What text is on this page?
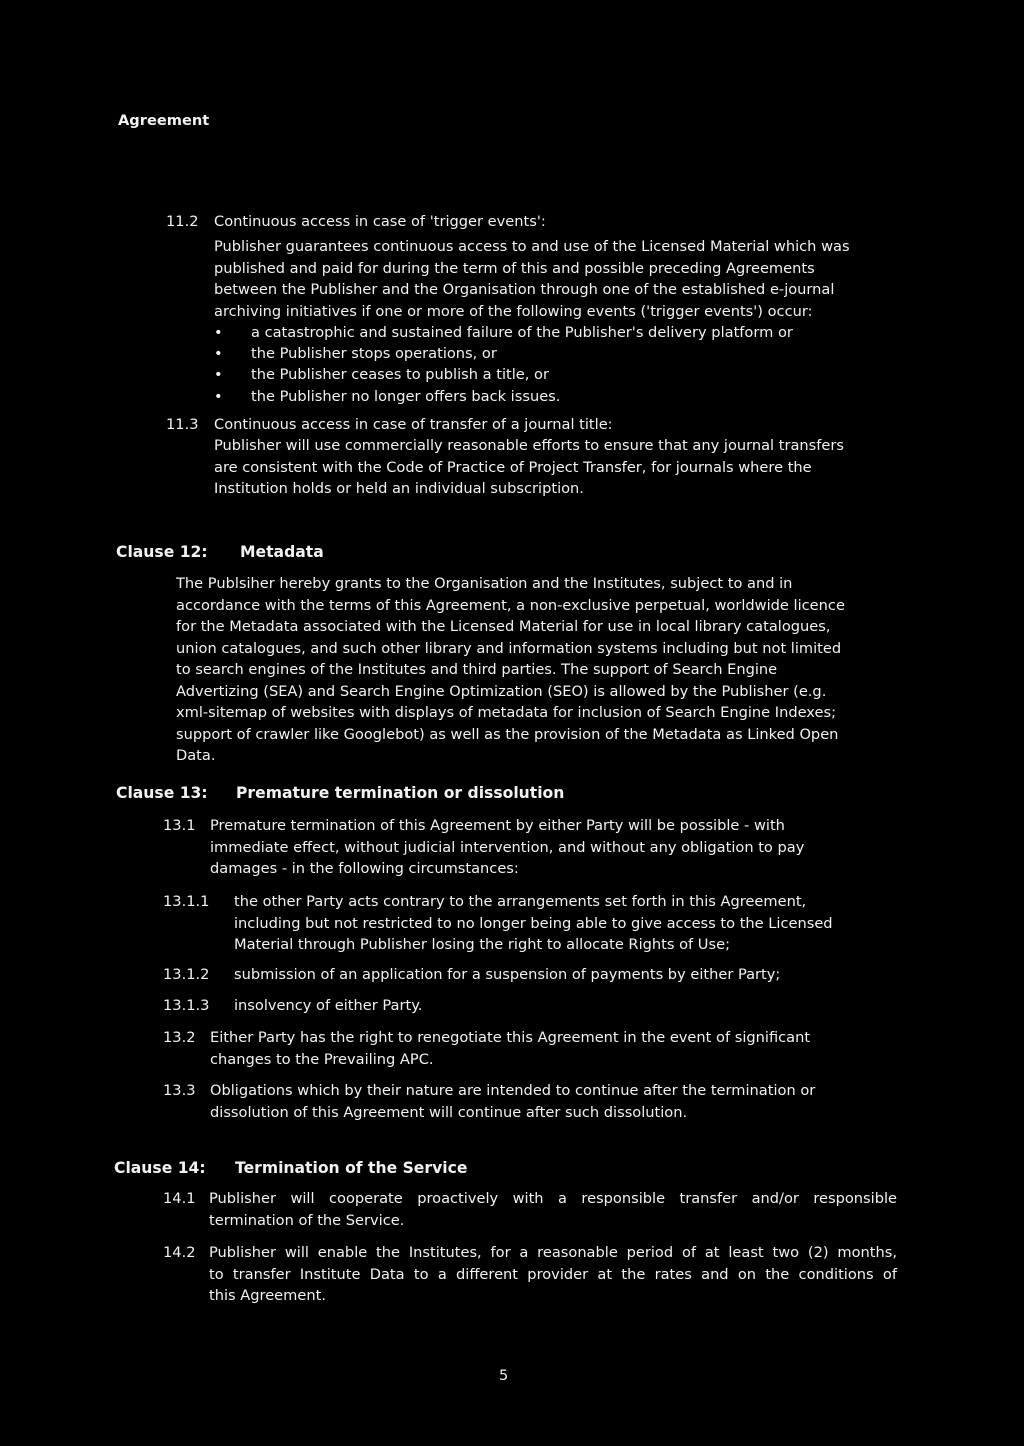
Agreement
11.2 Continuous access in case of 'trigger events':
Publisher guarantees continuous access to and use of the Licensed Material which was
published and paid for during the term of this and possible preceding Agreements
between the Publisher and the Organisation through one of the established e-journal
archiving initiatives if one or more of the following events ('trigger events') occur:
• a catastrophic and sustained failure of the Publisher's delivery platform or
• the Publisher stops operations, or
• the Publisher ceases to publish a title, or
• the Publisher no longer offers back issues.
11.3 Continuous access in case of transfer of a journal title:
Publisher will use commercially reasonable efforts to ensure that any journal transfers
are consistent with the Code of Practice of Project Transfer, for journals where the
Institution holds or held an individual subscription.
Clause 12: Metadata
The Publsiher hereby grants to the Organisation and the Institutes, subject to and in
accordance with the terms of this Agreement, a non-exclusive perpetual, worldwide licence
for the Metadata associated with the Licensed Material for use in local library catalogues,
union catalogues, and such other library and information systems including but not limited
to search engines of the Institutes and third parties. The support of Search Engine
Advertizing (SEA) and Search Engine Optimization (SEO) is allowed by the Publisher (e.g.
xml-sitemap of websites with displays of metadata for inclusion of Search Engine Indexes;
support of crawler like Googlebot) as well as the provision of the Metadata as Linked Open
Data.
Clause 13: Premature termination or dissolution
13.1 Premature termination of this Agreement by either Party will be possible - with
immediate effect, without judicial intervention, and without any obligation to pay
damages - in the following circumstances:
13.1.1 the other Party acts contrary to the arrangements set forth in this Agreement,
including but not restricted to no longer being able to give access to the Licensed
Material through Publisher losing the right to allocate Rights of Use;
13.1.2 submission of an application for a suspension of payments by either Party;
13.1.3 insolvency of either Party.
13.2 Either Party has the right to renegotiate this Agreement in the event of significant
changes to the Prevailing APC.
13.3 Obligations which by their nature are intended to continue after the termination or
dissolution of this Agreement will continue after such dissolution.
Clause 14: Termination of the Service
14.1 Publisher will cooperate proactively with a responsible transfer and/or responsible
termination of the Service.
14.2 Publisher will enable the Institutes, for a reasonable period of at least two (2) months,
to transfer Institute Data to a different provider at the rates and on the conditions of
this Agreement.
5
